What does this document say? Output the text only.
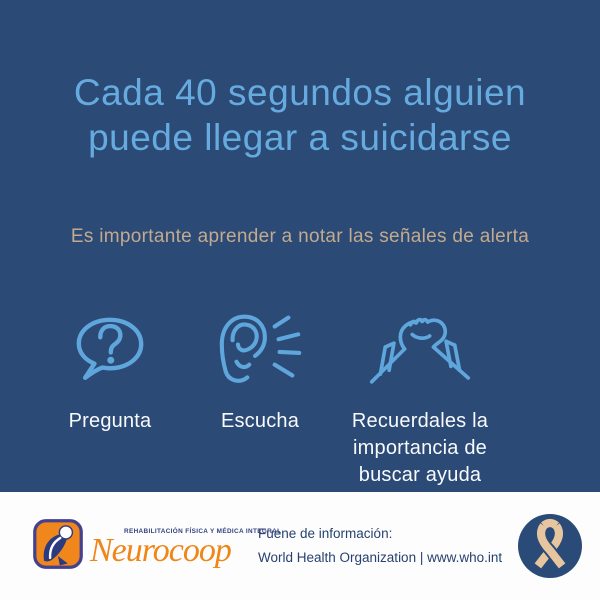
Cada 40 segundos alguien
puede llegar a suicidarse
Es importante aprender a notar las señales de alerta
Pregunta	Escucha	Recuerdales la importancia de buscar ayuda
REHABILITACIÓN FÍSICA Y MÉDICA INTEGRAL
Neurocoop Fuene de información:
World Health Organization | www.who.int
